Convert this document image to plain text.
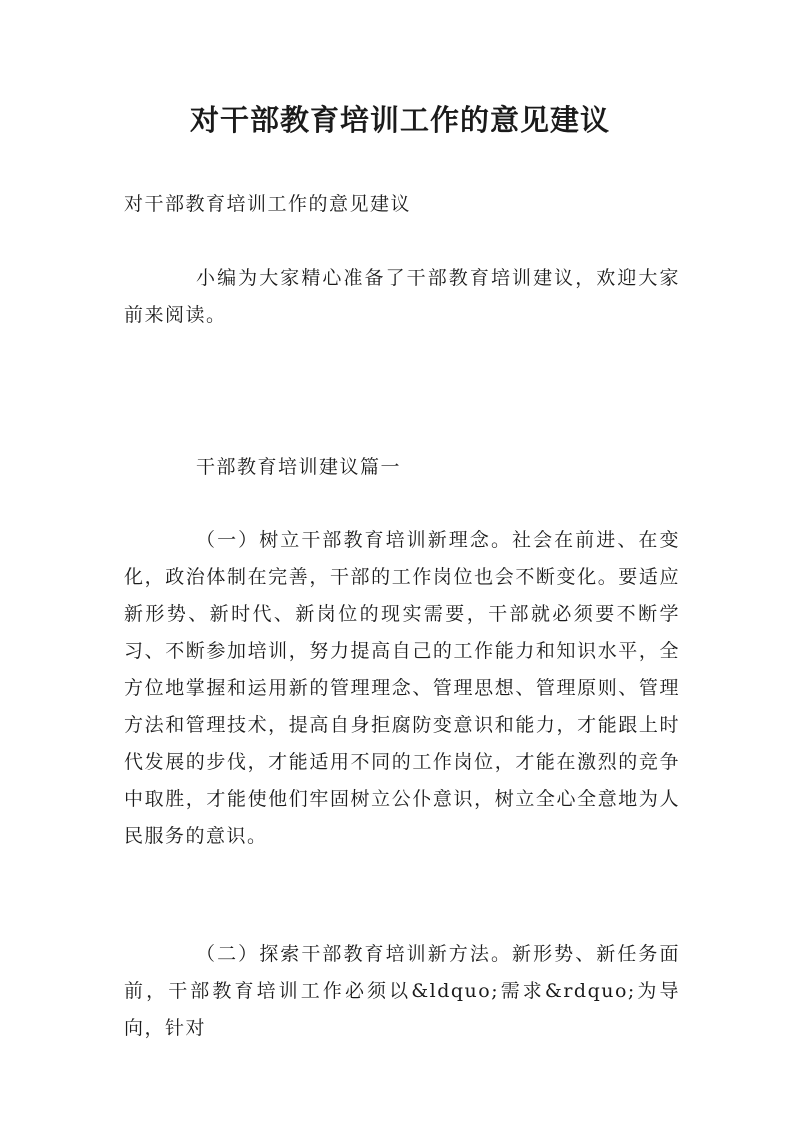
对干部教育培训工作的意见建议

对干部教育培训工作的意见建议

小编为大家精心准备了干部教育培训建议，欢迎大家前来阅读。

干部教育培训建议篇一

（一）树立干部教育培训新理念。社会在前进、在变化，政治体制在完善，干部的工作岗位也会不断变化。要适应新形势、新时代、新岗位的现实需要，干部就必须要不断学习、不断参加培训，努力提高自己的工作能力和知识水平，全方位地掌握和运用新的管理理念、管理思想、管理原则、管理方法和管理技术，提高自身拒腐防变意识和能力，才能跟上时代发展的步伐，才能适用不同的工作岗位，才能在激烈的竞争中取胜，才能使他们牢固树立公仆意识，树立全心全意地为人民服务的意识。

（二）探索干部教育培训新方法。新形势、新任务面前，干部教育培训工作必须以&ldquo;需求&rdquo;为导向，针对
